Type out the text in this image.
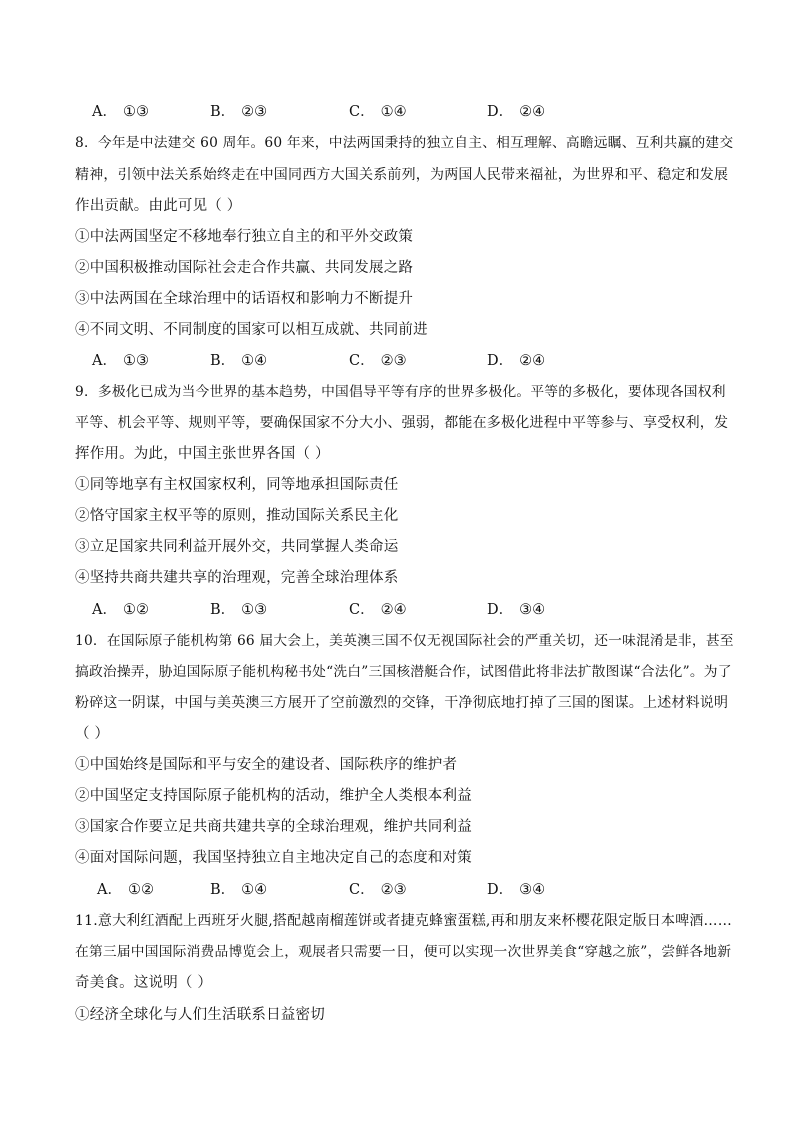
A． ①③	B． ②③	C． ①④	D． ②④
8．今年是中法建交 60 周年。60 年来，中法两国秉持的独立自主、相互理解、高瞻远瞩、互利共赢的建交
精神，引领中法关系始终走在中国同西方大国关系前列，为两国人民带来福祉，为世界和平、稳定和发展
作出贡献。由此可见（ ）
①中法两国坚定不移地奉行独立自主的和平外交政策
②中国积极推动国际社会走合作共赢、共同发展之路
③中法两国在全球治理中的话语权和影响力不断提升
④不同文明、不同制度的国家可以相互成就、共同前进
A． ①③	B． ①④	C． ②③	D． ②④
9．多极化已成为当今世界的基本趋势，中国倡导平等有序的世界多极化。平等的多极化，要体现各国权利
平等、机会平等、规则平等，要确保国家不分大小、强弱，都能在多极化进程中平等参与、享受权利，发
挥作用。为此，中国主张世界各国（ ）
①同等地享有主权国家权利，同等地承担国际责任
②恪守国家主权平等的原则，推动国际关系民主化
③立足国家共同利益开展外交，共同掌握人类命运
④坚持共商共建共享的治理观，完善全球治理体系
A． ①②	B． ①③	C． ②④	D． ③④
10．在国际原子能机构第 66 届大会上，美英澳三国不仅无视国际社会的严重关切，还一味混淆是非，甚至
搞政治操弄，胁迫国际原子能机构秘书处“洗白”三国核潜艇合作，试图借此将非法扩散图谋“合法化”。为了
粉碎这一阴谋，中国与美英澳三方展开了空前激烈的交锋，干净彻底地打掉了三国的图谋。上述材料说明
（ ）
①中国始终是国际和平与安全的建设者、国际秩序的维护者
②中国坚定支持国际原子能机构的活动，维护全人类根本利益
③国家合作要立足共商共建共享的全球治理观，维护共同利益
④面对国际问题，我国坚持独立自主地决定自己的态度和对策
A． ①②	B． ①④	C． ②③	D． ③④
11.意大利红酒配上西班牙火腿,搭配越南榴莲饼或者捷克蜂蜜蛋糕,再和朋友来杯樱花限定版日本啤酒……
在第三届中国国际消费品博览会上，观展者只需要一日，便可以实现一次世界美食“穿越之旅”，尝鲜各地新
奇美食。这说明（ ）
①经济全球化与人们生活联系日益密切
